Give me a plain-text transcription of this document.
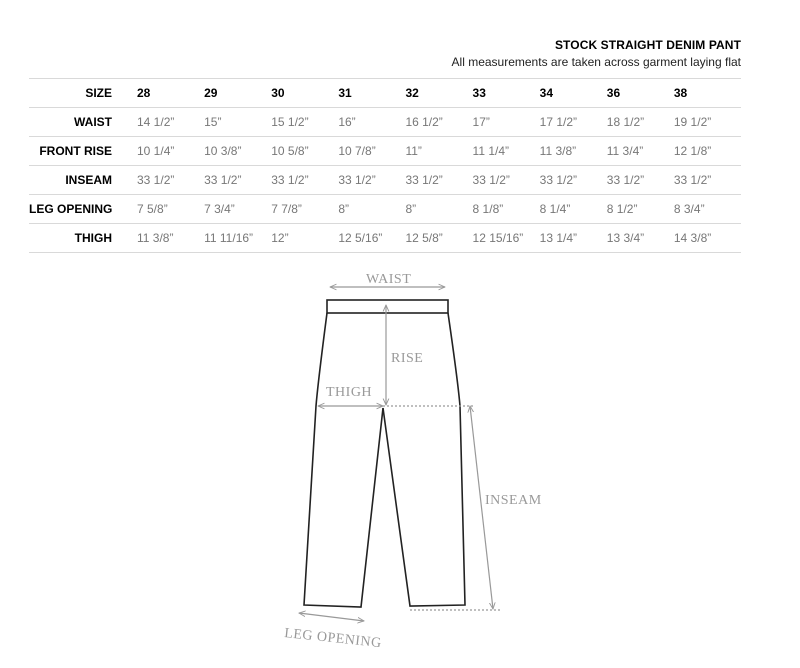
STOCK STRAIGHT DENIM PANT
All measurements are taken across garment laying flat
SIZE	28	29	30	31	32	33	34	36	38
WAIST	14 1/2”	15”	15 1/2”	16”	16 1/2”	17”	17 1/2”	18 1/2”	19 1/2”
FRONT RISE	10 1/4”	10 3/8”	10 5/8”	10 7/8”	11”	11 1/4”	11 3/8”	11 3/4”	12 1/8”
INSEAM	33 1/2”	33 1/2”	33 1/2”	33 1/2”	33 1/2”	33 1/2”	33 1/2”	33 1/2”	33 1/2”
LEG OPENING	7 5/8”	7 3/4”	7 7/8”	8”	8”	8 1/8”	8 1/4”	8 1/2”	8 3/4”
THIGH	11 3/8”	11 11/16”	12”	12 5/16”	12 5/8”	12 15/16”	13 1/4”	13 3/4”	14 3/8”
WAIST
RISE
THIGH
INSEAM
LEG OPENING
